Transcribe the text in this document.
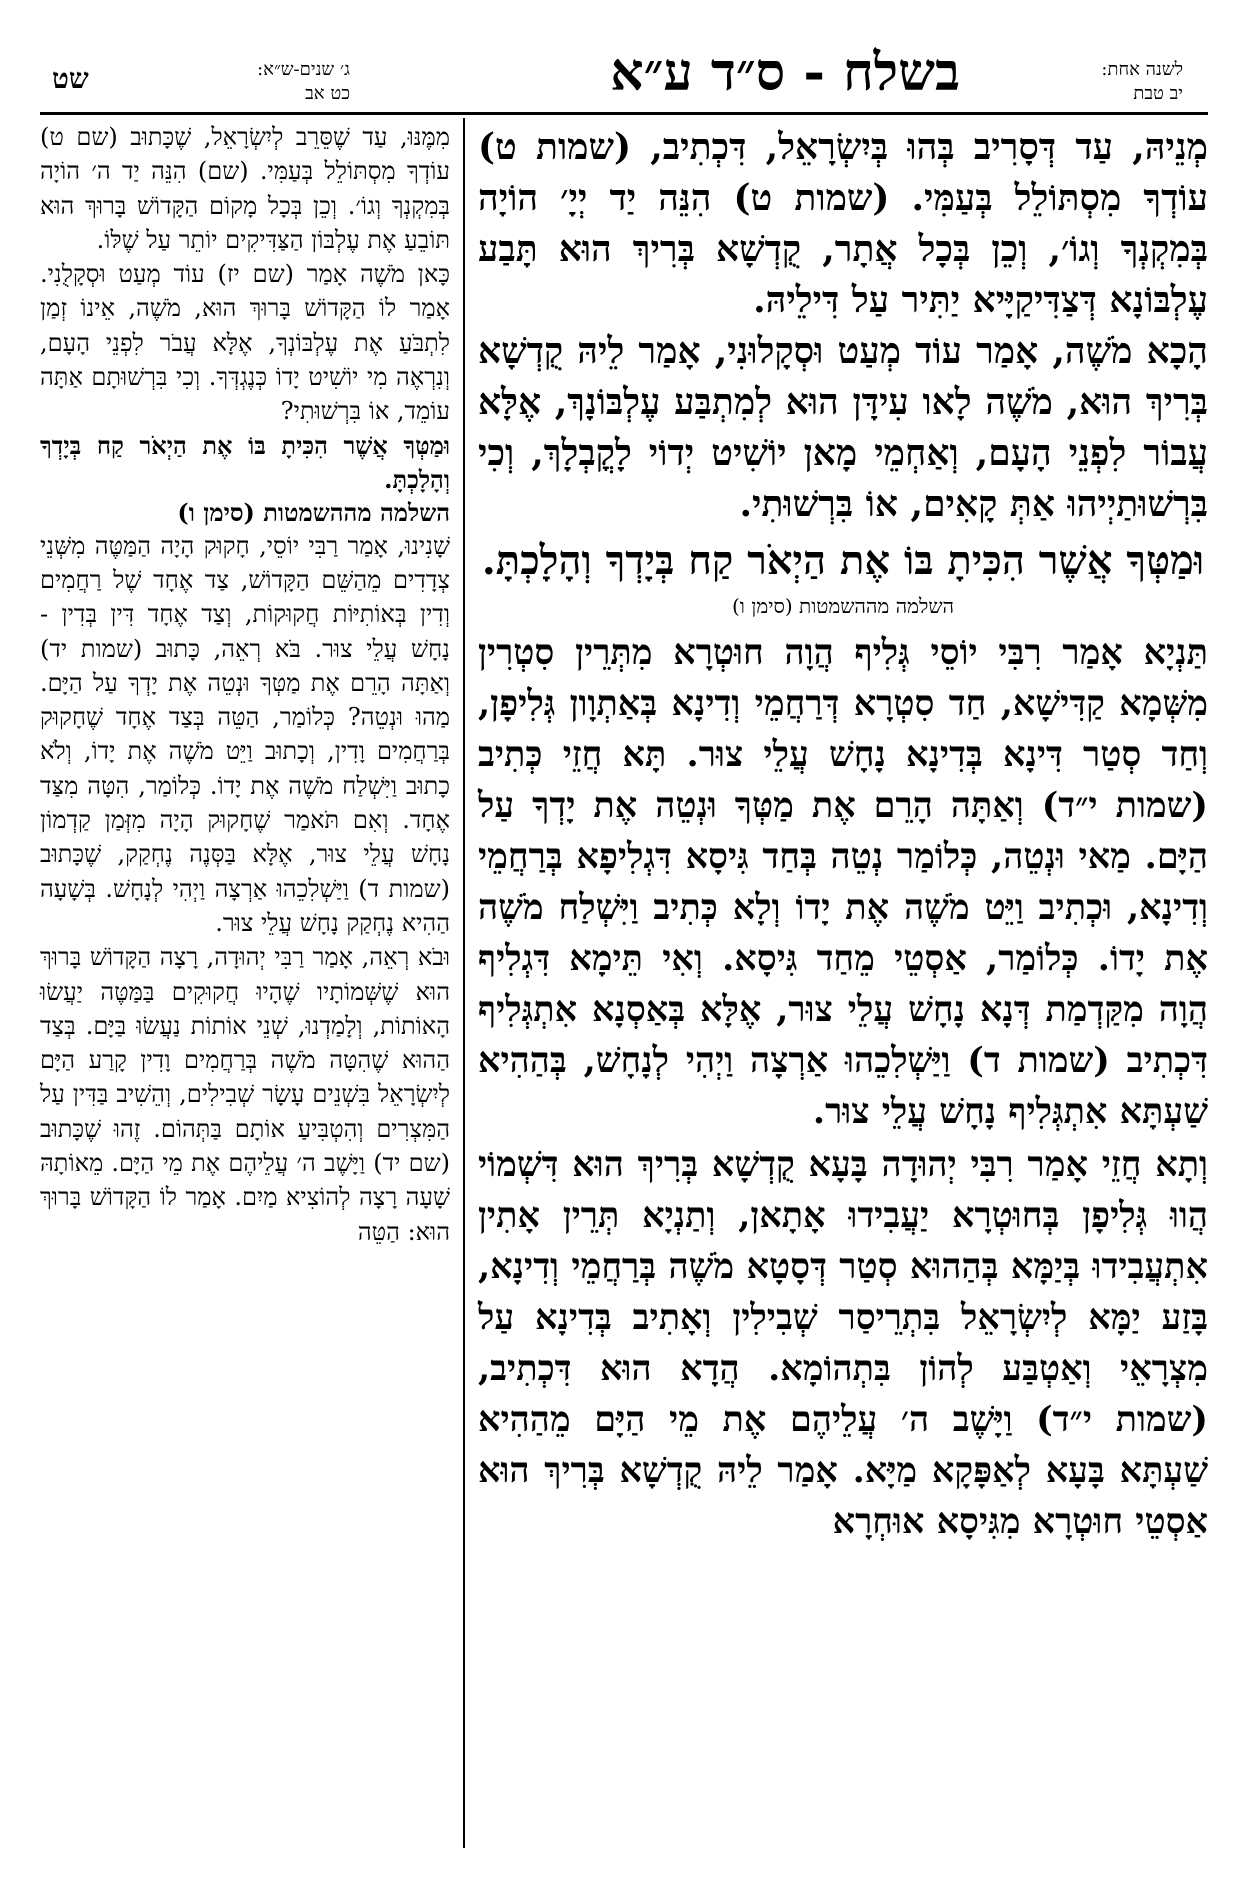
שט	ג׳ שנים-ש״א:
כט אב	בשלח - ס״ד ע״א	לשנה אחת:
יב טבת

מְנֵיהּ, עַד דְּסָרִיב בְּהוּ בְּיִשְׂרָאֵל, דִּכְתִיב, (שמות ט) עוֹדְךָ מִסְתּוֹלֵל בְּעַמִּי. (שמות ט) הִנֵּה יַד יְיָ׳ הוֹיָה בְּמִקְנְךָ וְגוֹ׳, וְכֵן בְּכָל אֲתָר, קֻדְשָׁא בְּרִיךְ הוּא תָּבַע עֶלְבּוֹנָא דְּצַדִּיקַיָּיא יַתִּיר עַל דִּילֵיהּ.

הָכָא מֹשֶׁה, אָמַר עוֹד מְעַט וּסְקָלוּנִי, אָמַר לֵיהּ קֻדְשָׁא בְּרִיךְ הוּא, מֹשֶׁה לָאו עִידָּן הוּא לְמִתְבַּע עֶלְבּוֹנָךְ, אֶלָּא עֲבוֹר לִפְנֵי הָעָם, וְאַחְמֵי מָאן יוֹשִׁיט יְדוֹי לָקֳבְלָךְ, וְכִי בִּרְשׁוּתַיְיהוּ אַתְּ קָאִים, אוֹ בִּרְשׁוּתִי.

וּמַטְּךָ אֲשֶׁר הִכִּיתָ בּוֹ אֶת הַיְאֹר קַח בְּיָדְךָ וְהָלָכְתָּ.

השלמה מההשמטות (סימן ו)

תַּנְיָא אָמַר רִבִּי יוֹסֵי גְּלִיף הֲוָה חוּטְרָא מִתְּרֵין סִטְרִין מִשְּׁמָא קַדִּישָׁא, חַד סִטְרָא דְּרַחֲמֵי וְדִינָא בְּאַתְוָון גְּלִיפָן, וְחַד סְטַר דִּינָא בְּדִינָא נָחָשׁ עֲלֵי צוּר. תָּא חֲזֵי כְּתִיב (שמות י״ד) וְאַתָּה הָרֵם אֶת מַטְּךָ וּנְטֵה אֶת יָדְךָ עַל הַיָּם. מַאי וּנְטֵה, כְּלוֹמַר נְטֵה בְּחַד גִּיסָא דִּגְלִיפָא בְּרַחֲמֵי וְדִינָא, וּכְתִיב וַיֵּט מֹשֶׁה אֶת יָדוֹ וְלָא כְּתִיב וַיִּשְׁלַח מֹשֶׁה אֶת יָדוֹ. כְּלוֹמַר, אַסְטֵי מֵחַד גִּיסָא. וְאִי תֵּימָא דִּגְלִיף הֲוָה מִקַּדְמַת דְּנָא נָחָשׁ עֲלֵי צוּר, אֶלָּא בְּאַסְנָא אִתְגְּלִיף דִּכְתִיב (שמות ד) וַיַּשְׁלִכֵהוּ אַרְצָה וַיְהִי לְנָחָשׁ, בְּהַהִיא שַׁעְתָּא אִתְגְּלִיף נָחָשׁ עֲלֵי צוּר.

וְתָא חֲזֵי אָמַר רִבִּי יְהוּדָה בָּעָא קֻדְשָׁא בְּרִיךְ הוּא דִּשְׁמוֹי הֲווּ גְּלִיפָן בְּחוּטְרָא יַעֲבִידוּ אָתָאן, וְתַנְיָא תְּרֵין אָתִין אִתְעֲבִידוּ בְּיַמָּא בְּהַהוּא סְטַר דְּסָטָא מֹשֶׁה בְּרַחֲמֵי וְדִינָא, בָּזַע יַמָּא לְיִשְׂרָאֵל בִּתְרֵיסַר שְׁבִילִין וְאָתִיב בְּדִינָא עַל מִצְרָאֵי וְאַטְבַּע לְהוֹן בִּתְהוֹמָא. הֲדָא הוּא דִּכְתִיב, (שמות י״ד) וַיָּשֶׁב ה׳ עֲלֵיהֶם אֶת מֵי הַיָּם מֵהַהִיא שַׁעְתָּא בָּעָא לְאַפָּקָא מַיָּא. אָמַר לֵיהּ קֻדְשָׁא בְּרִיךְ הוּא אַסְטֵי חוּטְרָא מִגִּיסָא אוּחְרָא

מִמֶּנּוּ, עַד שֶׁסֵּרֵב לְיִשְׂרָאֵל, שֶׁכָּתוּב (שם ט) עוֹדְךָ מִסְתּוֹלֵל בְּעַמִּי. (שם) הִנֵּה יַד ה׳ הוֹיָה בְּמִקְנְךָ וְגוֹ׳. וְכֵן בְּכָל מָקוֹם הַקָּדוֹשׁ בָּרוּךְ הוּא תּוֹבֵעַ אֶת עֶלְבּוֹן הַצַּדִּיקִים יוֹתֵר עַל שֶׁלּוֹ.

כָּאן מֹשֶׁה אָמַר (שם יז) עוֹד מְעַט וּסְקָלֻנִי. אָמַר לוֹ הַקָּדוֹשׁ בָּרוּךְ הוּא, מֹשֶׁה, אֵינוֹ זְמַן לִתְבֹּעַ אֶת עֶלְבּוֹנְךָ, אֶלָּא עֲבֹר לִפְנֵי הָעָם, וְנִרְאֶה מִי יוֹשִׁיט יָדוֹ כְּנֶגְדְּךָ. וְכִי בִּרְשׁוּתָם אַתָּה עוֹמֵד, אוֹ בִּרְשׁוּתִי?

וּמַטְּךָ אֲשֶׁר הִכִּיתָ בּוֹ אֶת הַיְאֹר קַח בְּיָדְךָ וְהָלָכְתָּ.

השלמה מההשמטות (סימן ו)

שָׁנִינוּ, אָמַר רַבִּי יוֹסֵי, חָקוּק הָיָה הַמַּטֶּה מִשְּׁנֵי צְדָדִים מֵהַשֵּׁם הַקָּדוֹשׁ, צַד אֶחָד שֶׁל רַחֲמִים וְדִין בְּאוֹתִיּוֹת חֲקוּקוֹת, וְצַד אֶחָד דִּין בְּדִין - נָחָשׁ עֲלֵי צוּר. בֹּא רְאֵה, כָּתוּב (שמות יד) וְאַתָּה הָרֵם אֶת מַטְּךָ וּנְטֵה אֶת יָדְךָ עַל הַיָּם. מַהוּ וּנְטֵה? כְּלוֹמַר, הַטֵּה בְּצַד אֶחָד שֶׁחָקוּק בְּרַחֲמִים וָדִין, וְכָתוּב וַיֵּט מֹשֶׁה אֶת יָדוֹ, וְלֹא כָתוּב וַיִּשְׁלַח מֹשֶׁה אֶת יָדוֹ. כְּלוֹמַר, הִטָּה מִצַּד אֶחָד. וְאִם תֹּאמַר שֶׁחָקוּק הָיָה מִזְּמַן קַדְמוֹן נָחָשׁ עֲלֵי צוּר, אֶלָּא בַּסְּנֶה נֶחְקַק, שֶׁכָּתוּב (שמות ד) וַיַּשְׁלִכֵהוּ אַרְצָה וַיְהִי לְנָחָשׁ. בְּשָׁעָה הַהִיא נֶחְקַק נָחָשׁ עֲלֵי צוּר.

וּבֹא רְאֵה, אָמַר רַבִּי יְהוּדָה, רָצָה הַקָּדוֹשׁ בָּרוּךְ הוּא שֶׁשְּׁמוֹתָיו שֶׁהָיוּ חֲקוּקִים בַּמַּטֶּה יַעֲשׂוּ הָאוֹתוֹת, וְלָמַדְנוּ, שְׁנֵי אוֹתוֹת נַעֲשׂוּ בַּיָּם. בְּצַד הַהוּא שֶׁהִטָּה מֹשֶׁה בְּרַחֲמִים וָדִין קָרַע הַיָּם לְיִשְׂרָאֵל בִּשְׁנֵים עָשָׂר שְׁבִילִים, וְהֵשִׁיב בַּדִּין עַל הַמִּצְרִים וְהִטְבִּיעַ אוֹתָם בַּתְּהוֹם. זֶהוּ שֶׁכָּתוּב (שם יד) וַיָּשֶׁב ה׳ עֲלֵיהֶם אֶת מֵי הַיָּם. מֵאוֹתָהּ שָׁעָה רָצָה לְהוֹצִיא מַיִם. אָמַר לוֹ הַקָּדוֹשׁ בָּרוּךְ הוּא: הַטֵּה
